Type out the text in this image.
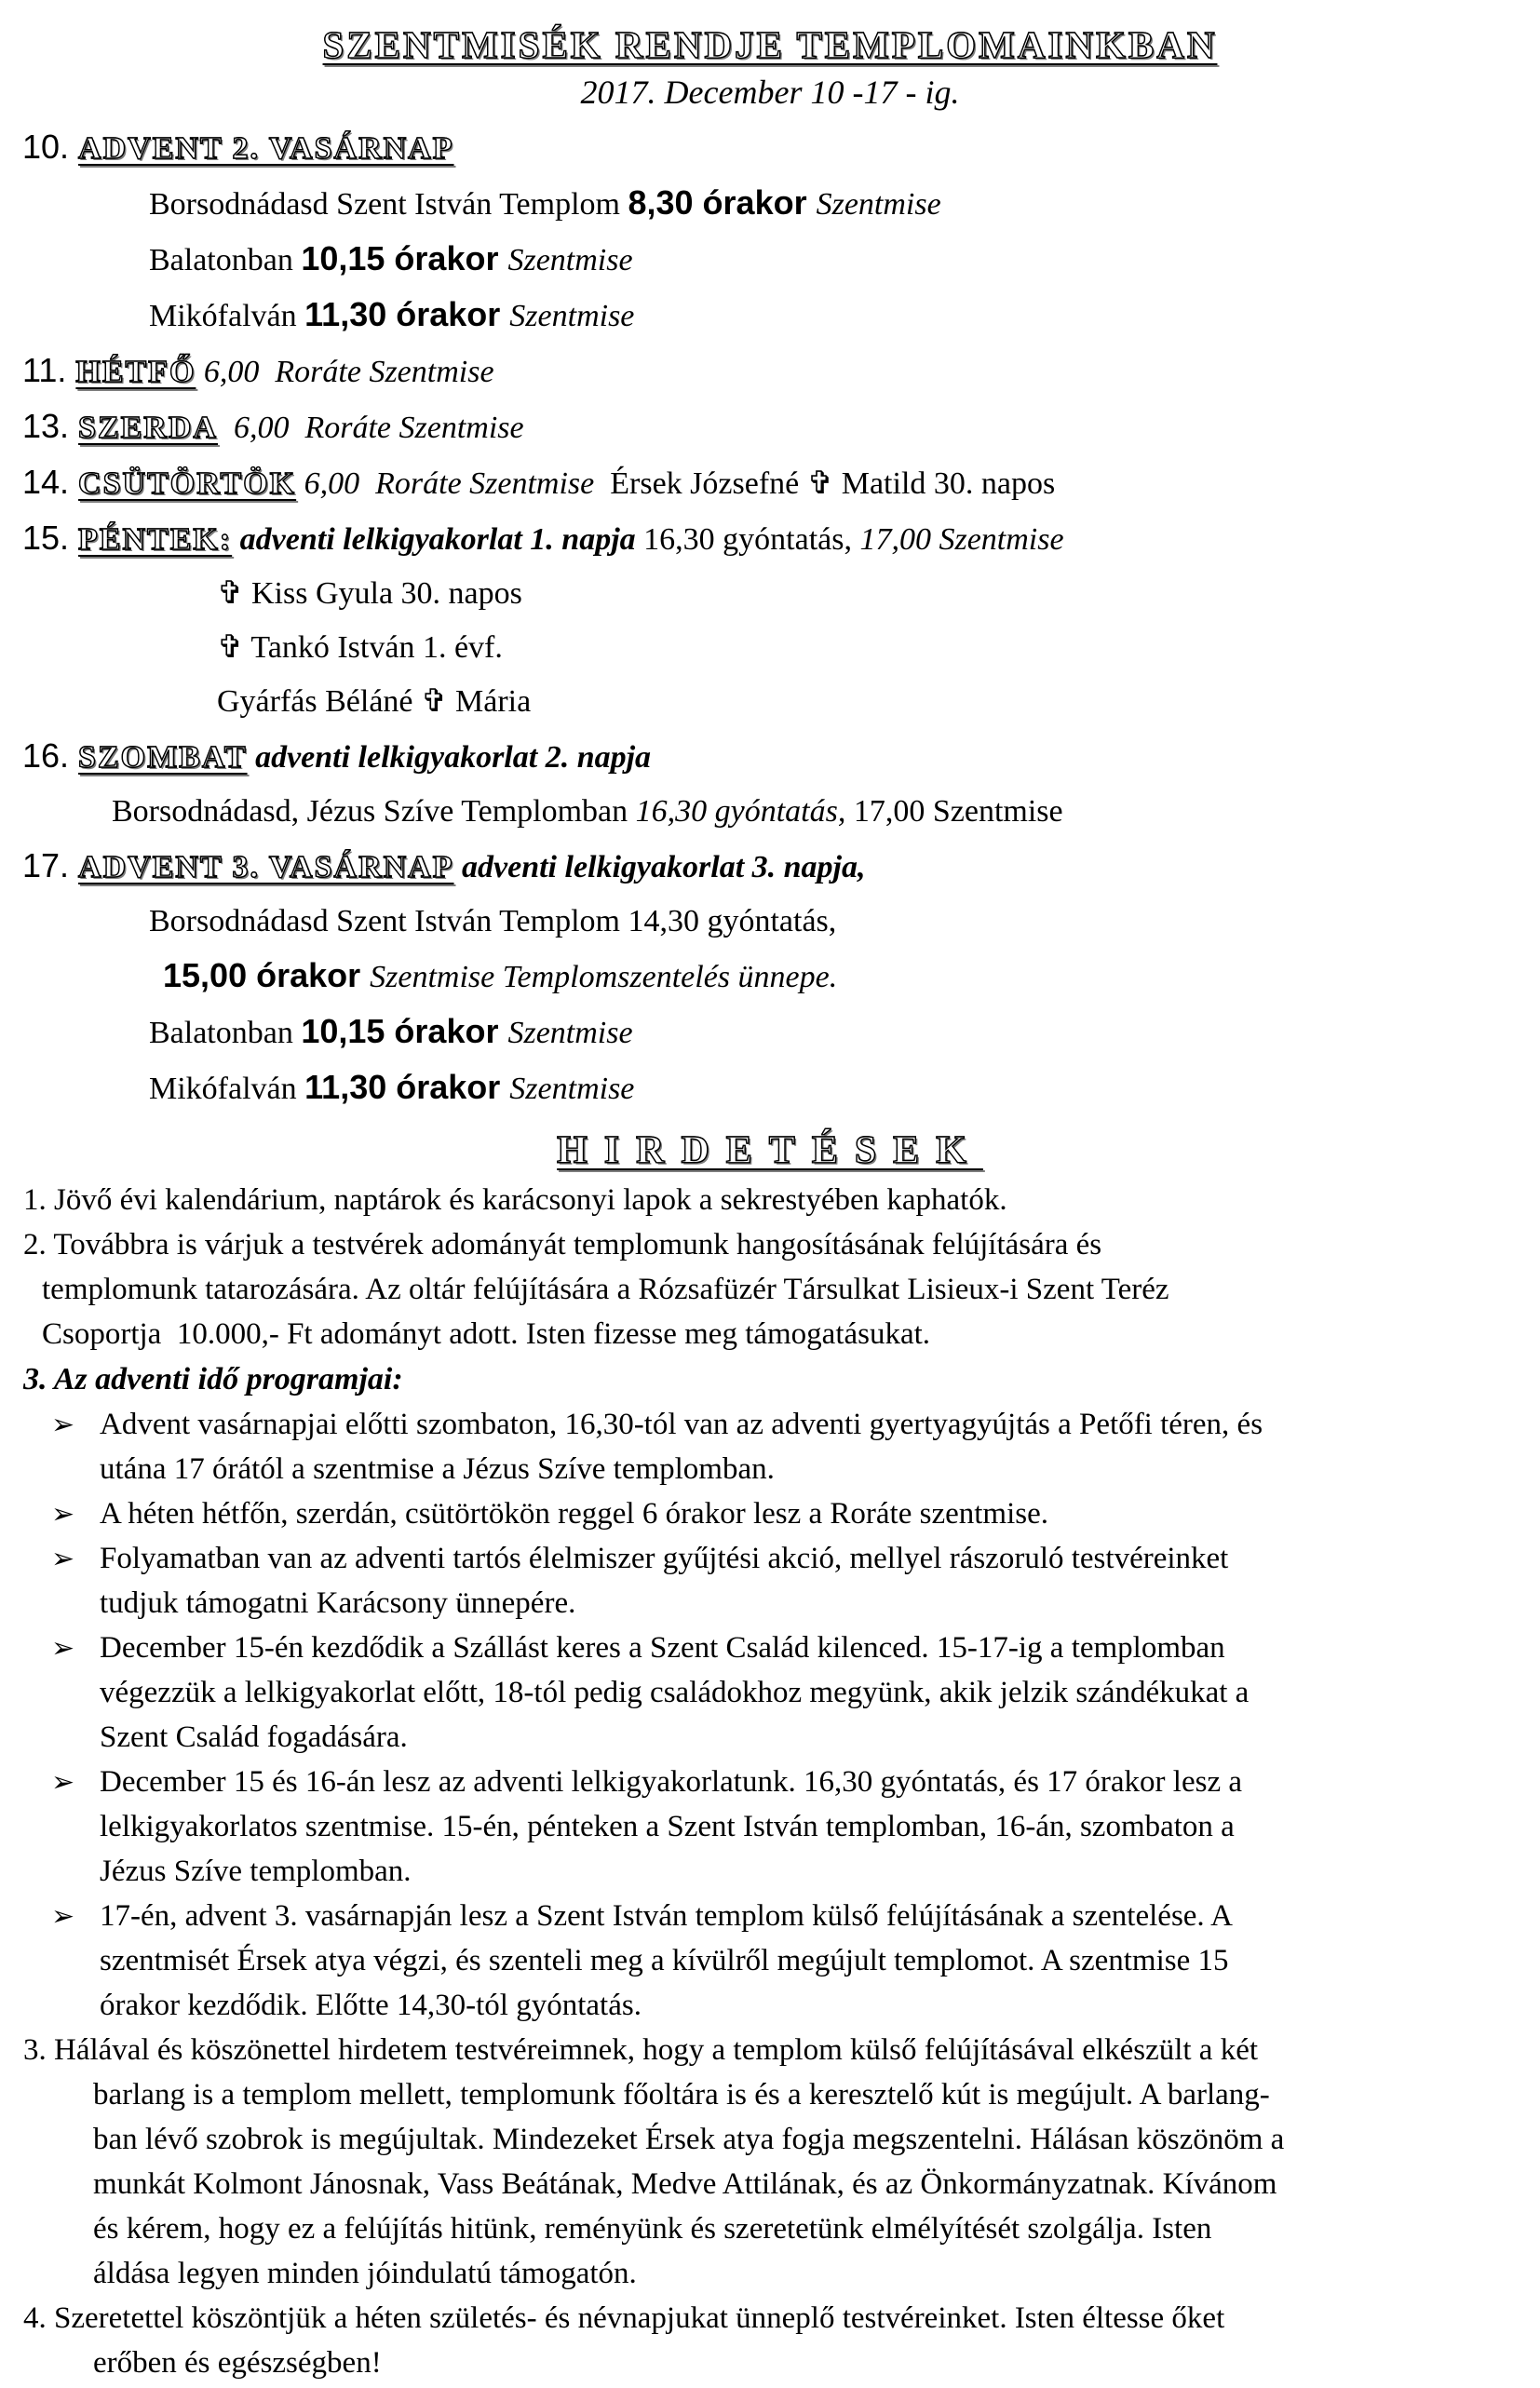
SZENTMISÉK RENDJE TEMPLOMAINKBAN
2017. December 10 -17 - ig.
10. ADVENT 2. VASÁRNAP
Borsodnádasd Szent István Templom 8,30 órakor Szentmise
Balatonban 10,15 órakor Szentmise
Mikófalván 11,30 órakor Szentmise
11. HÉTFŐ 6,00  Roráte Szentmise
13. SZERDA  6,00  Roráte Szentmise
14. CSÜTÖRTÖK 6,00  Roráte Szentmise  Érsek Józsefné ✞ Matild 30. napos
15. PÉNTEK: adventi lelkigyakorlat 1. napja 16,30 gyóntatás, 17,00 Szentmise
✞ Kiss Gyula 30. napos
✞ Tankó István 1. évf.
Gyárfás Béláné ✞ Mária
16. SZOMBAT adventi lelkigyakorlat 2. napja
Borsodnádasd, Jézus Szíve Templomban 16,30 gyóntatás, 17,00 Szentmise
17. ADVENT 3. VASÁRNAP adventi lelkigyakorlat 3. napja,
Borsodnádasd Szent István Templom 14,30 gyóntatás,
15,00 órakor Szentmise Templomszentelés ünnepe.
Balatonban 10,15 órakor Szentmise
Mikófalván 11,30 órakor Szentmise
HIRDETÉSEK
1. Jövő évi kalendárium, naptárok és karácsonyi lapok a sekrestyében kaphatók.
2. Továbbra is várjuk a testvérek adományát templomunk hangosításának felújítására és
templomunk tatarozására. Az oltár felújítására a Rózsafüzér Társulkat Lisieux-i Szent Teréz
Csoportja  10.000,- Ft adományt adott. Isten fizesse meg támogatásukat.
3. Az adventi idő programjai:
➢ Advent vasárnapjai előtti szombaton, 16,30-tól van az adventi gyertyagyújtás a Petőfi téren, és
utána 17 órától a szentmise a Jézus Szíve templomban.
➢ A héten hétfőn, szerdán, csütörtökön reggel 6 órakor lesz a Roráte szentmise.
➢ Folyamatban van az adventi tartós élelmiszer gyűjtési akció, mellyel rászoruló testvéreinket
tudjuk támogatni Karácsony ünnepére.
➢ December 15-én kezdődik a Szállást keres a Szent Család kilenced. 15-17-ig a templomban
végezzük a lelkigyakorlat előtt, 18-tól pedig családokhoz megyünk, akik jelzik szándékukat a
Szent Család fogadására.
➢ December 15 és 16-án lesz az adventi lelkigyakorlatunk. 16,30 gyóntatás, és 17 órakor lesz a
lelkigyakorlatos szentmise. 15-én, pénteken a Szent István templomban, 16-án, szombaton a
Jézus Szíve templomban.
➢ 17-én, advent 3. vasárnapján lesz a Szent István templom külső felújításának a szentelése. A
szentmisét Érsek atya végzi, és szenteli meg a kívülről megújult templomot. A szentmise 15
órakor kezdődik. Előtte 14,30-tól gyóntatás.
3. Hálával és köszönettel hirdetem testvéreimnek, hogy a templom külső felújításával elkészült a két
barlang is a templom mellett, templomunk főoltára is és a keresztelő kút is megújult. A barlang-
ban lévő szobrok is megújultak. Mindezeket Érsek atya fogja megszentelni. Hálásan köszönöm a
munkát Kolmont Jánosnak, Vass Beátának, Medve Attilának, és az Önkormányzatnak. Kívánom
és kérem, hogy ez a felújítás hitünk, reményünk és szeretetünk elmélyítését szolgálja. Isten
áldása legyen minden jóindulatú támogatón.
4. Szeretettel köszöntjük a héten születés- és névnapjukat ünneplő testvéreinket. Isten éltesse őket
erőben és egészségben!
